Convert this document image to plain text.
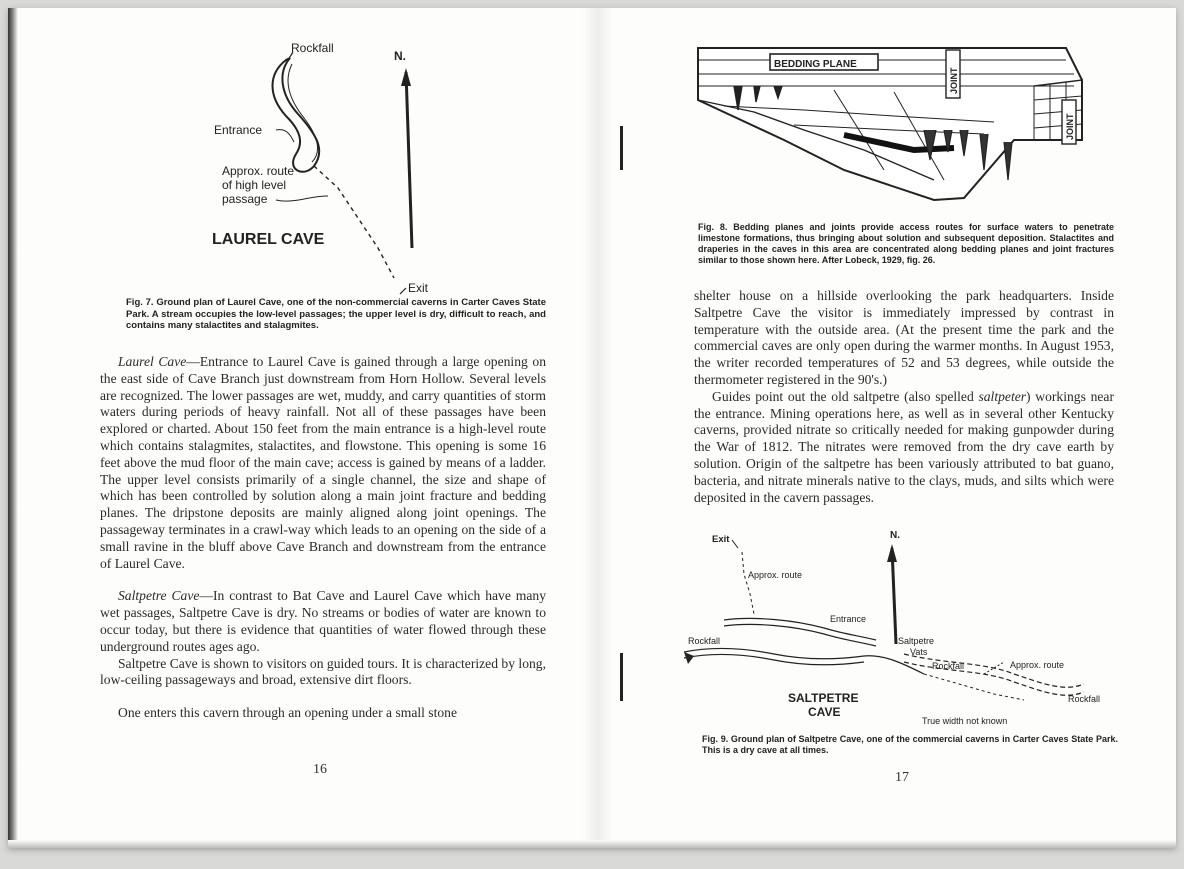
Rockfall
N.
Entrance
Approx. route
of high level
passage
LAUREL CAVE
Exit
Fig. 7. Ground plan of Laurel Cave, one of the non-commercial caverns in Carter Caves State Park. A stream occupies the low-level passages; the upper level is dry, difficult to reach, and contains many stalactites and stalagmites.

Laurel Cave—Entrance to Laurel Cave is gained through a large opening on the east side of Cave Branch just downstream from Horn Hollow. Several levels are recognized. The lower passages are wet, muddy, and carry quantities of storm waters during periods of heavy rainfall. Not all of these passages have been explored or charted. About 150 feet from the main entrance is a high-level route which contains stalagmites, stalactites, and flowstone. This opening is some 16 feet above the mud floor of the main cave; access is gained by means of a ladder. The upper level consists primarily of a single channel, the size and shape of which has been controlled by solution along a main joint fracture and bedding planes. The dripstone deposits are mainly aligned along joint openings. The passageway terminates in a crawl-way which leads to an opening on the side of a small ravine in the bluff above Cave Branch and downstream from the entrance of Laurel Cave.

Saltpetre Cave—In contrast to Bat Cave and Laurel Cave which have many wet passages, Saltpetre Cave is dry. No streams or bodies of water are known to occur today, but there is evidence that quantities of water flowed through these underground routes ages ago.

Saltpetre Cave is shown to visitors on guided tours. It is characterized by long, low-ceiling passageways and broad, extensive dirt floors.

One enters this cavern through an opening under a small stone

16
BEDDING PLANE
JOINT
JOINT
Fig. 8. Bedding planes and joints provide access routes for surface waters to penetrate limestone formations, thus bringing about solution and subsequent deposition. Stalactites and draperies in the caves in this area are concentrated along bedding planes and joint fractures similar to those shown here. After Lobeck, 1929, fig. 26.

shelter house on a hillside overlooking the park headquarters. Inside Saltpetre Cave the visitor is immediately impressed by contrast in temperature with the outside area. (At the present time the park and the commercial caves are only open during the warmer months. In August 1953, the writer recorded temperatures of 52 and 53 degrees, while outside the thermometer registered in the 90's.)

Guides point out the old saltpetre (also spelled saltpeter) workings near the entrance. Mining operations here, as well as in several other Kentucky caverns, provided nitrate so critically needed for making gunpowder during the War of 1812. The nitrates were removed from the dry cave earth by solution. Origin of the saltpetre has been variously attributed to bat guano, bacteria, and nitrate minerals native to the clays, muds, and silts which were deposited in the cavern passages.

Exit	N.
Approx. route
Entrance
Rockfall	Saltpetre
Vats
Rockfall	Approx. route
SALTPETRE
CAVE
Rockfall
True width not known
Fig. 9. Ground plan of Saltpetre Cave, one of the commercial caverns in Carter Caves State Park. This is a dry cave at all times.
17
